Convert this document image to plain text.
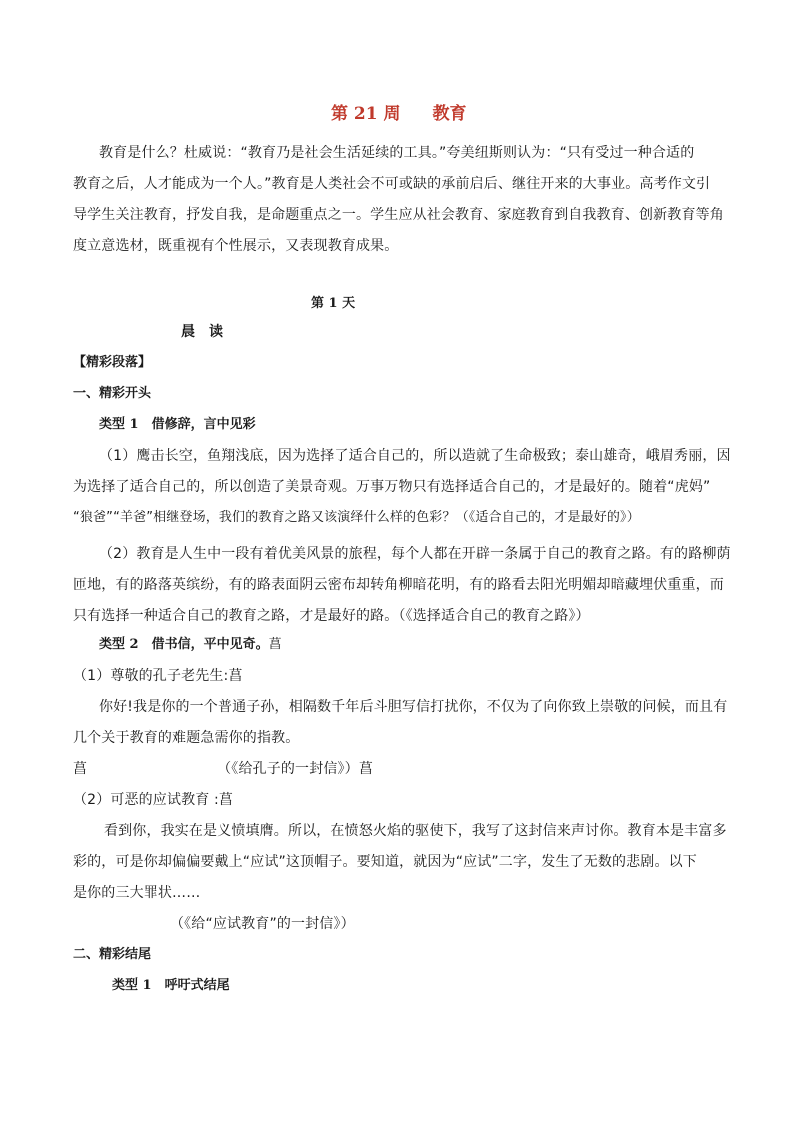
第 21 周 教育
教育是什么？杜威说：“教育乃是社会生活延续的工具。”夸美纽斯则认为：“只有受过一种合适的
教育之后，人才能成为一个人。”教育是人类社会不可或缺的承前启后、继往开来的大事业。高考作文引
导学生关注教育，抒发自我，是命题重点之一。学生应从社会教育、家庭教育到自我教育、创新教育等角
度立意选材，既重视有个性展示，又表现教育成果。
第 1 天
晨　读
【精彩段落】
一、精彩开头
类型 1　借修辞，言中见彩
（1）鹰击长空，鱼翔浅底，因为选择了适合自己的，所以造就了生命极致；泰山雄奇，峨眉秀丽，因
为选择了适合自己的，所以创造了美景奇观。万事万物只有选择适合自己的，才是最好的。随着“虎妈”
“狼爸”“羊爸”相继登场，我们的教育之路又该演绎什么样的色彩？（《适合自己的，才是最好的》）
（2）教育是人生中一段有着优美风景的旅程，每个人都在开辟一条属于自己的教育之路。有的路柳荫
匝地，有的路落英缤纷，有的路表面阴云密布却转角柳暗花明，有的路看去阳光明媚却暗藏埋伏重重，而
只有选择一种适合自己的教育之路，才是最好的路。（《选择适合自己的教育之路》）
类型 2　借书信，平中见奇。菖
（1）尊敬的孔子老先生:菖
你好!我是你的一个普通子孙，相隔数千年后斗胆写信打扰你，不仅为了向你致上崇敬的问候，而且有
几个关于教育的难题急需你的指教。
菖	（《给孔子的一封信》）菖
（2）可恶的应试教育 :菖
看到你，我实在是义愤填膺。所以，在愤怒火焰的驱使下，我写了这封信来声讨你。教育本是丰富多
彩的，可是你却偏偏要戴上“应试”这顶帽子。要知道，就因为“应试”二字，发生了无数的悲剧。以下
是你的三大罪状……
（《给“应试教育”的一封信》）
二、精彩结尾
类型 1　呼吁式结尾
